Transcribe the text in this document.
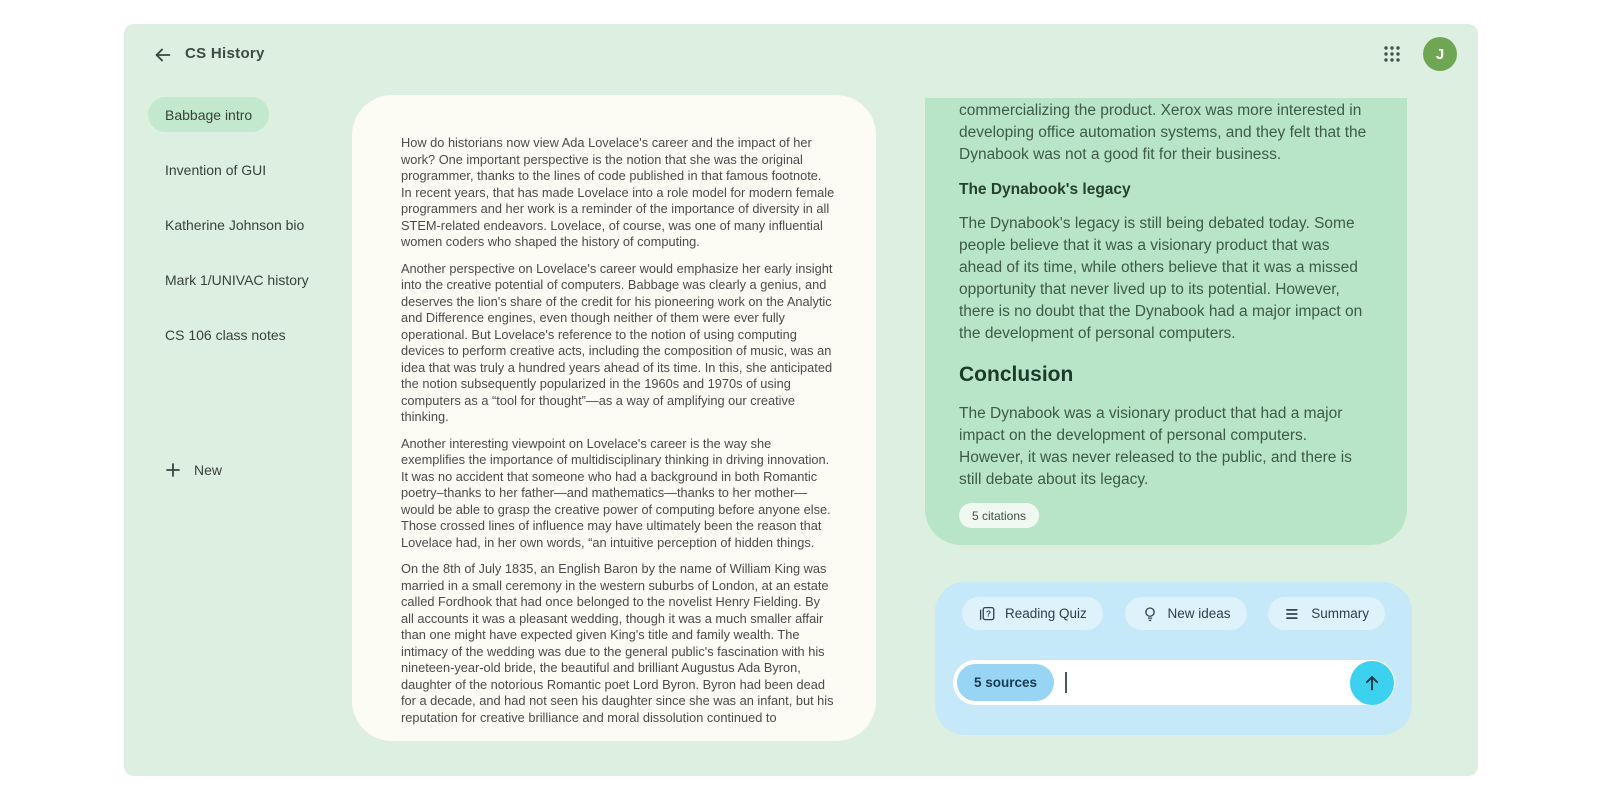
CS History	J
Babbage intro
Invention of GUI
Katherine Johnson bio
Mark 1/UNIVAC history
CS 106 class notes
New

How do historians now view Ada Lovelace's career and the impact of her work? One important perspective is the notion that she was the original programmer, thanks to the lines of code published in that famous footnote. In recent years, that has made Lovelace into a role model for modern female programmers and her work is a reminder of the importance of diversity in all STEM-related endeavors. Lovelace, of course, was one of many influential women coders who shaped the history of computing.

Another perspective on Lovelace's career would emphasize her early insight into the creative potential of computers. Babbage was clearly a genius, and deserves the lion's share of the credit for his pioneering work on the Analytic and Difference engines, even though neither of them were ever fully operational. But Lovelace's reference to the notion of using computing devices to perform creative acts, including the composition of music, was an idea that was truly a hundred years ahead of its time. In this, she anticipated the notion subsequently popularized in the 1960s and 1970s of using computers as a “tool for thought”—as a way of amplifying our creative thinking.

Another interesting viewpoint on Lovelace's career is the way she exemplifies the importance of multidisciplinary thinking in driving innovation. It was no accident that someone who had a background in both Romantic poetry–thanks to her father—and mathematics—thanks to her mother—would be able to grasp the creative power of computing before anyone else. Those crossed lines of influence may have ultimately been the reason that Lovelace had, in her own words, “an intuitive perception of hidden things.

On the 8th of July 1835, an English Baron by the name of William King was married in a small ceremony in the western suburbs of London, at an estate called Fordhook that had once belonged to the novelist Henry Fielding. By all accounts it was a pleasant wedding, though it was a much smaller affair than one might have expected given King's title and family wealth. The intimacy of the wedding was due to the general public's fascination with his nineteen-year-old bride, the beautiful and brilliant Augustus Ada Byron, daughter of the notorious Romantic poet Lord Byron. Byron had been dead for a decade, and had not seen his daughter since she was an infant, but his reputation for creative brilliance and moral dissolution continued to

commercializing the product. Xerox was more interested in developing office automation systems, and they felt that the Dynabook was not a good fit for their business.

The Dynabook's legacy

The Dynabook's legacy is still being debated today. Some people believe that it was a visionary product that was ahead of its time, while others believe that it was a missed opportunity that never lived up to its potential. However, there is no doubt that the Dynabook had a major impact on the development of personal computers.

Conclusion

The Dynabook was a visionary product that had a major impact on the development of personal computers. However, it was never released to the public, and there is still debate about its legacy.

5 citations
? Reading Quiz	New ideas	Summary
5 sources
